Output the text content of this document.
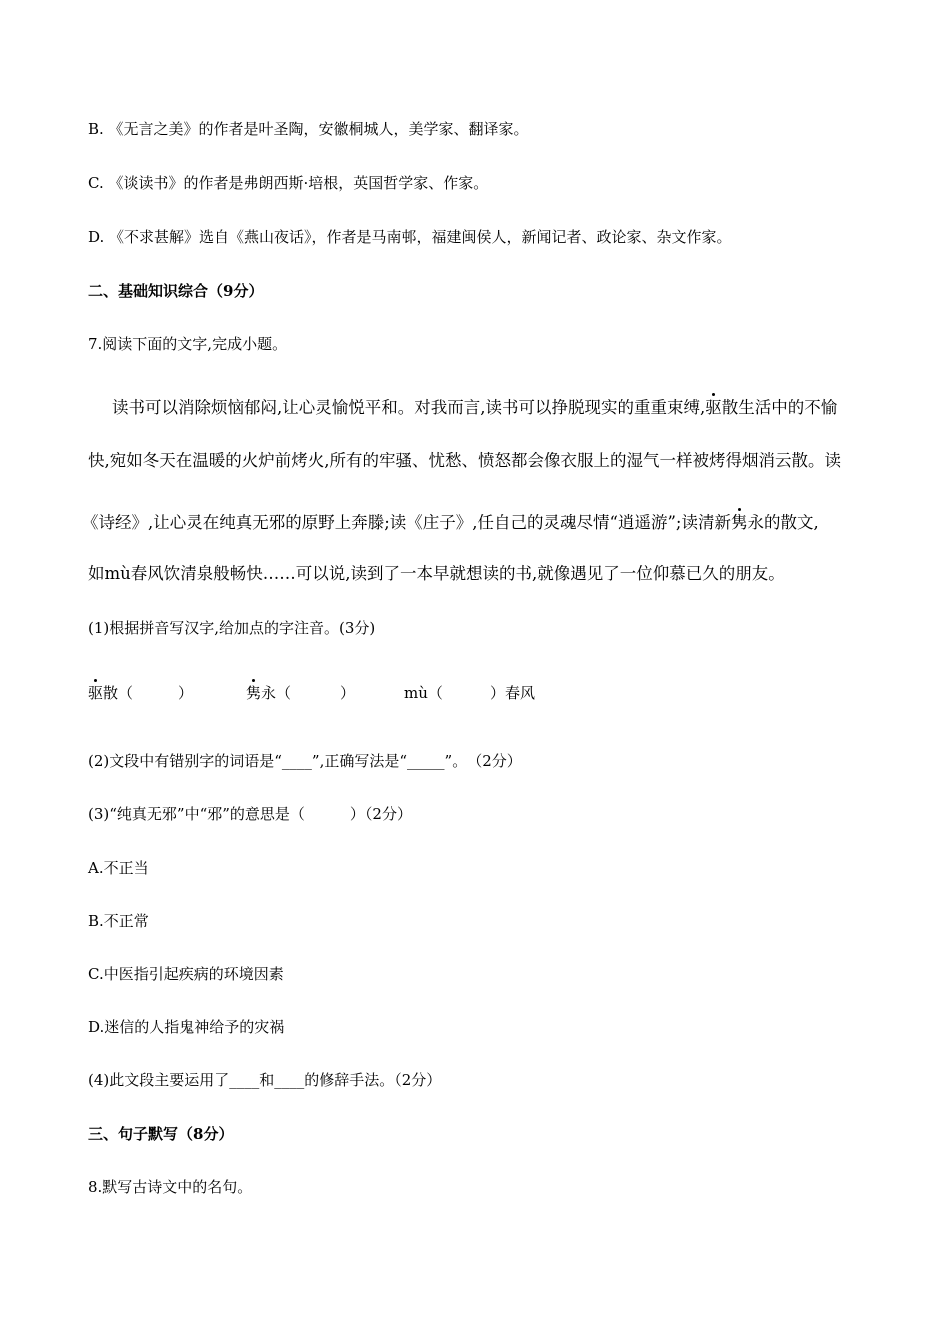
B. 《无言之美》的作者是叶圣陶，安徽桐城人，美学家、翻译家。
C. 《谈读书》的作者是弗朗西斯·培根，英国哲学家、作家。
D. 《不求甚解》选自《燕山夜话》，作者是马南邨，福建闽侯人，新闻记者、政论家、杂文作家。
二、基础知识综合（9分）
7.阅读下面的文字,完成小题。
读书可以消除烦恼郁闷,让心灵愉悦平和。对我而言,读书可以挣脱现实的重重束缚,驱散生活中的不愉
快,宛如冬天在温暖的火炉前烤火,所有的牢骚、忧愁、愤怒都会像衣服上的湿气一样被烤得烟消云散。读
《诗经》,让心灵在纯真无邪的原野上奔滕;读《庄子》,任自己的灵魂尽情“逍遥游”;读清新隽永的散文,
如mù春风饮清泉般畅快……可以说,读到了一本早就想读的书,就像遇见了一位仰慕已久的朋友。
(1)根据拼音写汉字,给加点的字注音。(3分)
驱散（	）	隽永（	）	mù（	）春风
(2)文段中有错别字的词语是“____”,正确写法是“_____”。　（2分）
(3)“纯真无邪”中“邪”的意思是（　　　）（2分）
A.不正当
B.不正常
C.中医指引起疾病的环境因素
D.迷信的人指鬼神给予的灾祸
(4)此文段主要运用了____和____的修辞手法。（2分）
三、句子默写（8分）
8.默写古诗文中的名句。
